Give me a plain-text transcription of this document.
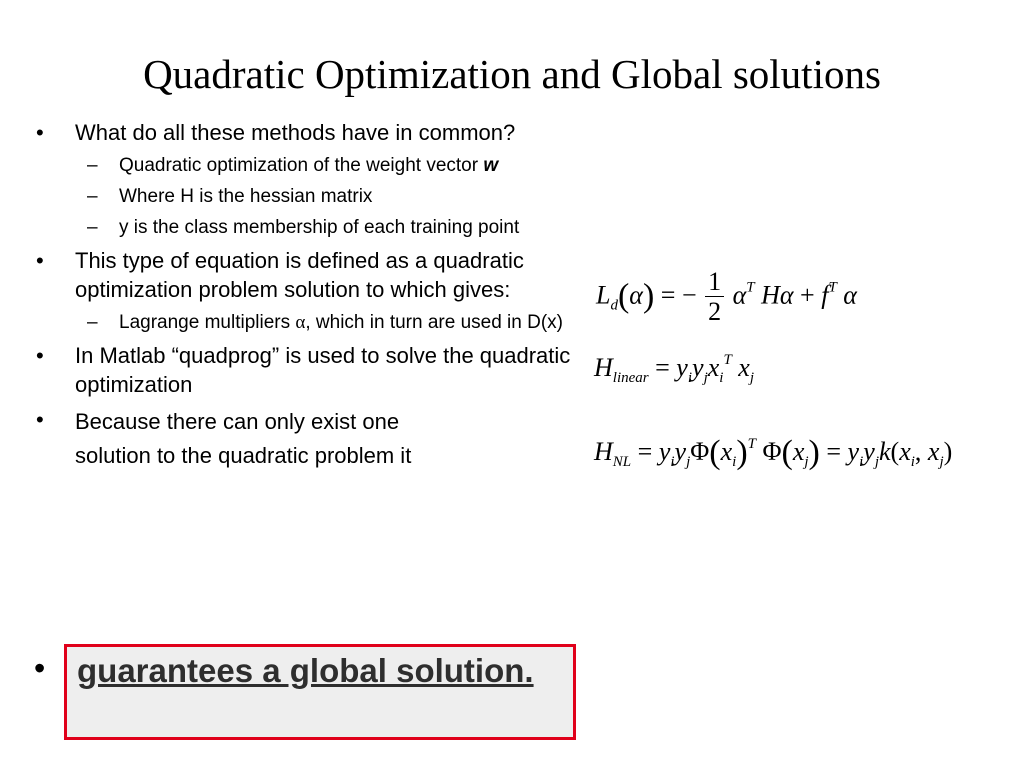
Quadratic Optimization and Global solutions
• What do all these methods have in common?
– Quadratic optimization of the weight vector w
– Where H is the hessian matrix
– y is the class membership of each training point
• This type of equation is defined as a quadratic optimization problem solution to which gives:
– Lagrange multipliers α, which in turn are used in D(x)
• In Matlab “quadprog” is used to solve the quadratic optimization
• Because there can only exist one
solution to the quadratic problem it
• guarantees a global solution.
$L_d(\alpha)$ = − $\frac{1}{2} \alpha^T$ $H\alpha + f^T$ α
$H_{linear} = y_iy_jx_i^T$ $x_j$
$H_{NL} = y_iy_j\Phi(x_i)^T$ $\Phi(x_j) = y_iy_jk(x_i$, $x_j$)
